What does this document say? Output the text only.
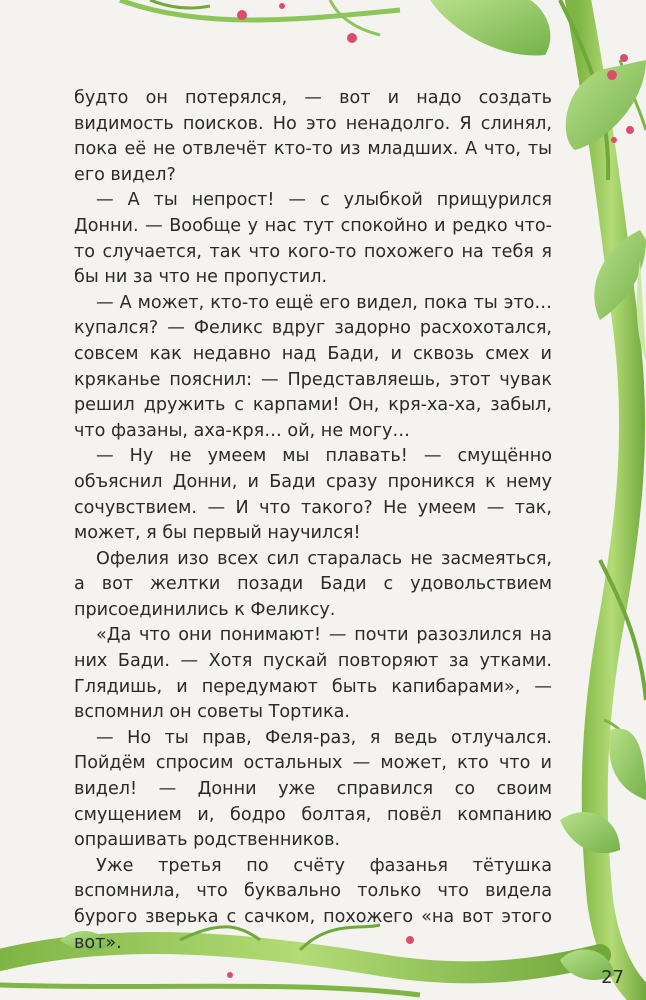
будто он потерялся, — вот и надо создать видимость поисков. Но это ненадолго. Я слинял, пока её не отвлечёт кто-то из младших. А что, ты его видел?

— А ты непрост! — с улыбкой прищурился Донни. — Вообще у нас тут спокойно и редко что-то случается, так что кого-то похожего на тебя я бы ни за что не пропустил.

— А может, кто-то ещё его видел, пока ты это… купался? — Феликс вдруг задорно расхохотался, совсем как недавно над Бади, и сквозь смех и кряканье пояснил: — Представляешь, этот чувак решил дружить с карпами! Он, кря-ха-ха, забыл, что фазаны, аха-кря… ой, не могу…

— Ну не умеем мы плавать! — смущённо объяснил Донни, и Бади сразу проникся к нему сочувствием. — И что такого? Не умеем — так, может, я бы первый научился!

Офелия изо всех сил старалась не засмеяться, а вот желтки позади Бади с удовольствием присоединились к Феликсу.

«Да что они понимают! — почти разозлился на них Бади. — Хотя пускай повторяют за утками. Глядишь, и передумают быть капибарами», — вспомнил он советы Тортика.

— Но ты прав, Феля-раз, я ведь отлучался. Пойдём спросим остальных — может, кто что и видел! — Донни уже справился со своим смущением и, бодро болтая, повёл компанию опрашивать родственников.

Уже третья по счёту фазанья тётушка вспомнила, что буквально только что видела бурого зверька с сачком, похожего «на вот этого вот».

27
